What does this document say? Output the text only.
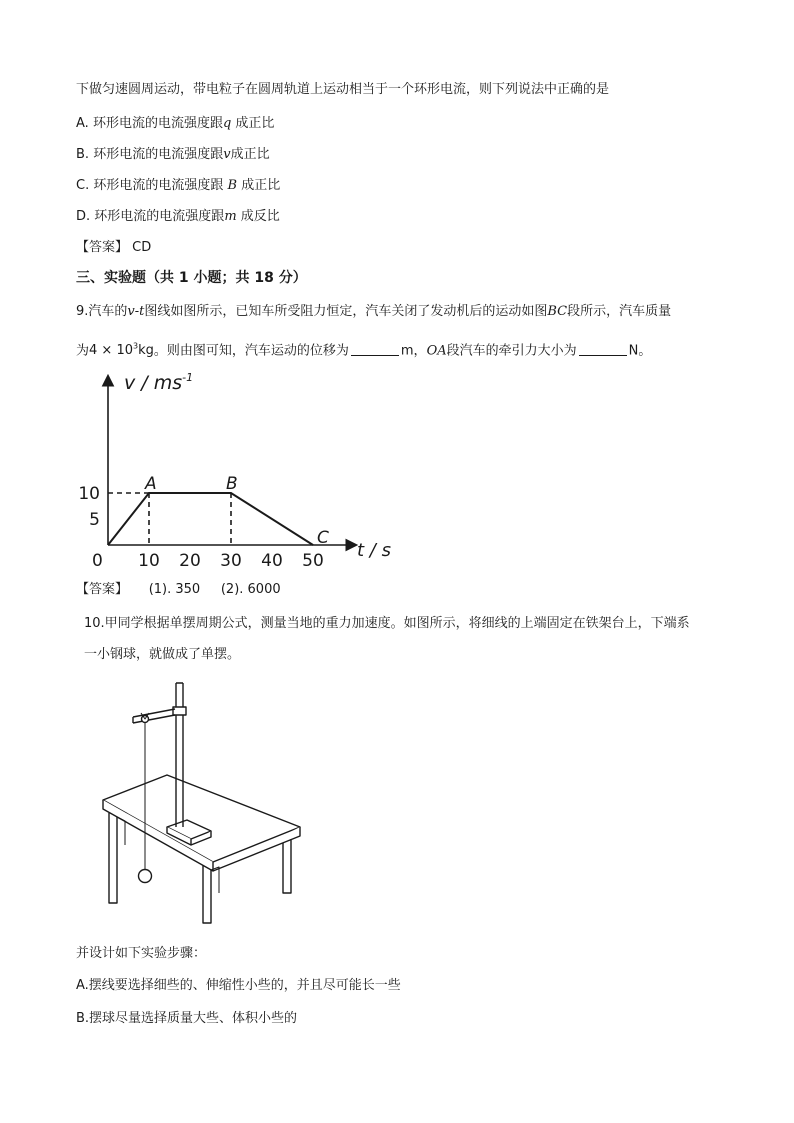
下做匀速圆周运动，带电粒子在圆周轨道上运动相当于一个环形电流，则下列说法中正确的是
A. 环形电流的电流强度跟q 成正比
B. 环形电流的电流强度跟v成正比
C. 环形电流的电流强度跟 B 成正比
D. 环形电流的电流强度跟m 成反比
【答案】 CD
三、实验题（共 1 小题；共 18 分）
9.汽车的v-t图线如图所示，已知车所受阻力恒定，汽车关闭了发动机后的运动如图BC段所示，汽车质量
为$4 \times 10^3kg$。则由图可知，汽车运动的位移为	m，OA段汽车的牵引力大小为	N。
10 20 30 40 50
5
10	A	B
C
v / $ms^{-1}$
t / s
0
【答案】 (1). 350 (2). 6000
10.甲同学根据单摆周期公式，测量当地的重力加速度。如图所示，将细线的上端固定在铁架台上，下端系
一小钢球，就做成了单摆。
并设计如下实验步骤：
A.摆线要选择细些的、伸缩性小些的，并且尽可能长一些
B.摆球尽量选择质量大些、体积小些的
